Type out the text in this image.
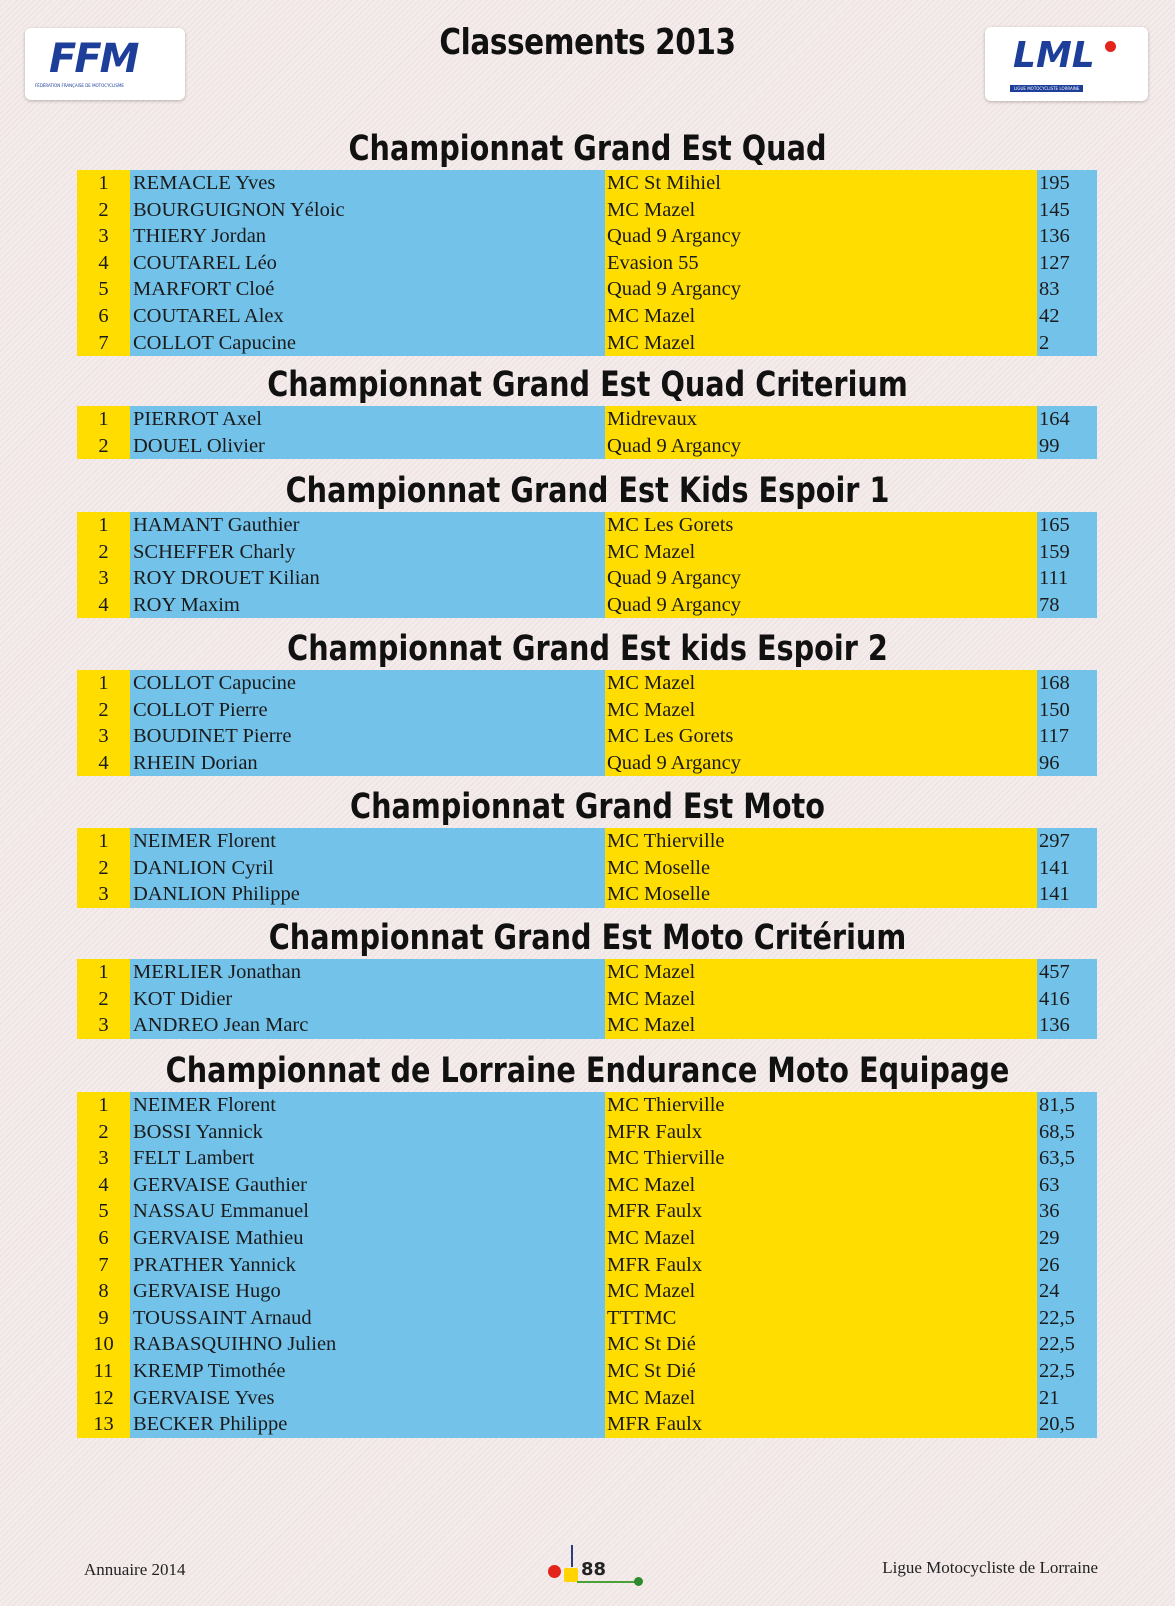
FFM
FÉDÉRATION FRANÇAISE DE MOTOCYCLISME
Classements 2013	LML
LIGUE MOTOCYCLISTE LORRAINE
Championnat Grand Est Quad
1	REMACLE Yves	MC St Mihiel	195
2	BOURGUIGNON Yéloic	MC Mazel	145
3	THIERY Jordan	Quad 9 Argancy	136
4	COUTAREL Léo	Evasion 55	127
5	MARFORT Cloé	Quad 9 Argancy	83
6	COUTAREL Alex	MC Mazel	42
7	COLLOT Capucine	MC Mazel	2
Championnat Grand Est Quad Criterium
1	PIERROT Axel	Midrevaux	164
2	DOUEL Olivier	Quad 9 Argancy	99
Championnat Grand Est Kids Espoir 1
1	HAMANT Gauthier	MC Les Gorets	165
2	SCHEFFER Charly	MC Mazel	159
3	ROY DROUET Kilian	Quad 9 Argancy	111
4	ROY Maxim	Quad 9 Argancy	78
Championnat Grand Est kids Espoir 2
1	COLLOT Capucine	MC Mazel	168
2	COLLOT Pierre	MC Mazel	150
3	BOUDINET Pierre	MC Les Gorets	117
4	RHEIN Dorian	Quad 9 Argancy	96
Championnat Grand Est Moto
1	NEIMER Florent	MC Thierville	297
2	DANLION Cyril	MC Moselle	141
3	DANLION Philippe	MC Moselle	141
Championnat Grand Est Moto Critérium
1	MERLIER Jonathan	MC Mazel	457
2	KOT Didier	MC Mazel	416
3	ANDREO Jean Marc	MC Mazel	136
Championnat de Lorraine Endurance Moto Equipage
1	NEIMER Florent	MC Thierville	81,5
2	BOSSI Yannick	MFR Faulx	68,5
3	FELT Lambert	MC Thierville	63,5
4	GERVAISE Gauthier	MC Mazel	63
5	NASSAU Emmanuel	MFR Faulx	36
6	GERVAISE Mathieu	MC Mazel	29
7	PRATHER Yannick	MFR Faulx	26
8	GERVAISE Hugo	MC Mazel	24
9	TOUSSAINT Arnaud	TTTMC	22,5
10 RABASQUIHNO Julien	MC St Dié	22,5
11 KREMP Timothée	MC St Dié	22,5
12 GERVAISE Yves	MC Mazel	21
13 BECKER Philippe	MFR Faulx	20,5
Annuaire 2014	88	Ligue Motocycliste de Lorraine
